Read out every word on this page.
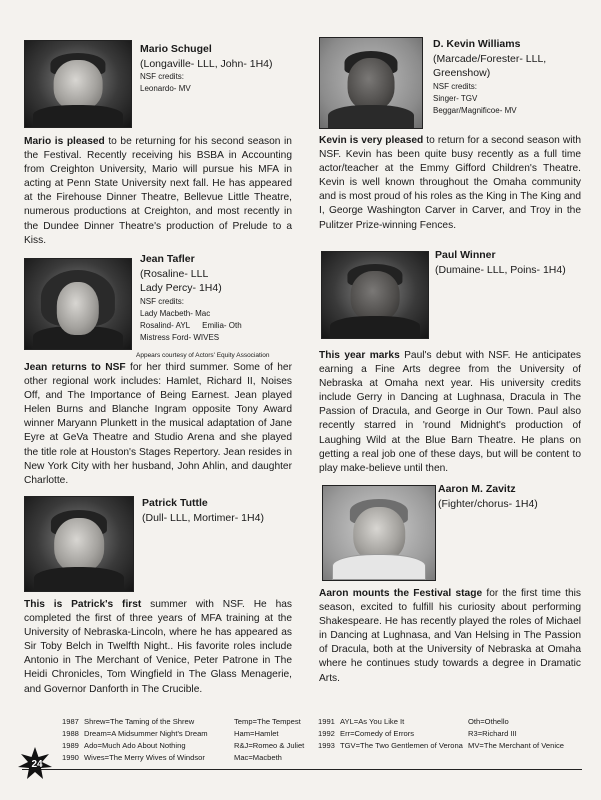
Mario Schugel
(Longaville- LLL, John- 1H4)
NSF credits:
Leonardo- MV

Mario is pleased to be returning for his second season in the Festival. Recently receiving his BSBA in Accounting from Creighton University, Mario will pursue his MFA in acting at Penn State University next fall. He has appeared at the Firehouse Dinner Theatre, Bellevue Little Theatre, numerous productions at Creighton, and most recently in the Dundee Dinner Theatre's production of Prelude to a Kiss.

D. Kevin Williams
(Marcade/Forester- LLL, Greenshow)
NSF credits:
Singer- TGV
Beggar/Magnificoe- MV

Kevin is very pleased to return for a second season with NSF. Kevin has been quite busy recently as a full time actor/teacher at the Emmy Gifford Children's Theatre. Kevin is well known throughout the Omaha community and is most proud of his roles as the King in The King and I, George Washington Carver in Carver, and Troy in the Pulitzer Prize-winning Fences.

Jean Tafler
(Rosaline- LLL
Lady Percy- 1H4)
NSF credits:
Lady Macbeth- Mac
Rosalind- AYL Emilia- Oth
Mistress Ford- WIVES
Appears courtesy of Actors' Equity Association

Jean returns to NSF for her third summer. Some of her other regional work includes: Hamlet, Richard II, Noises Off, and The Importance of Being Earnest. Jean played Helen Burns and Blanche Ingram opposite Tony Award winner Maryann Plunkett in the musical adaptation of Jane Eyre at GeVa Theatre and Studio Arena and she played the title role at Houston's Stages Repertory. Jean resides in New York City with her husband, John Ahlin, and daughter Charlotte.

Paul Winner
(Dumaine- LLL, Poins- 1H4)

This year marks Paul's debut with NSF. He anticipates earning a Fine Arts degree from the University of Nebraska at Omaha next year. His university credits include Gerry in Dancing at Lughnasa, Dracula in The Passion of Dracula, and George in Our Town. Paul also recently starred in 'round Midnight's production of Laughing Wild at the Blue Barn Theatre. He plans on getting a real job one of these days, but will be content to play make-believe until then.

Patrick Tuttle
(Dull- LLL, Mortimer- 1H4)

This is Patrick's first summer with NSF. He has completed the first of three years of MFA training at the University of Nebraska-Lincoln, where he has appeared as Sir Toby Belch in Twelfth Night.. His favorite roles include Antonio in The Merchant of Venice, Peter Patrone in The Heidi Chronicles, Tom Wingfield in The Glass Menagerie, and Governor Danforth in The Crucible.

Aaron M. Zavitz
(Fighter/chorus- 1H4)

Aaron mounts the Festival stage for the first time this season, excited to fulfill his curiosity about performing Shakespeare. He has recently played the roles of Michael in Dancing at Lughnasa, and Van Helsing in The Passion of Dracula, both at the University of Nebraska at Omaha where he continues study towards a degree in Dramatic Arts.

1987 Shrew=The Taming of the Shrew	Temp=The Tempest
1988 Dream=A Midsummer Night's Dream	Ham=Hamlet
1989 Ado=Much Ado About Nothing	R&J=Romeo & Juliet
1990 Wives=The Merry Wives of Windsor	Mac=Macbeth
1991 AYL=As You Like It	Oth=Othello
1992 Err=Comedy of Errors	R3=Richard III
1993 TGV=The Two Gentlemen of Verona MV=The Merchant of Venice
24
